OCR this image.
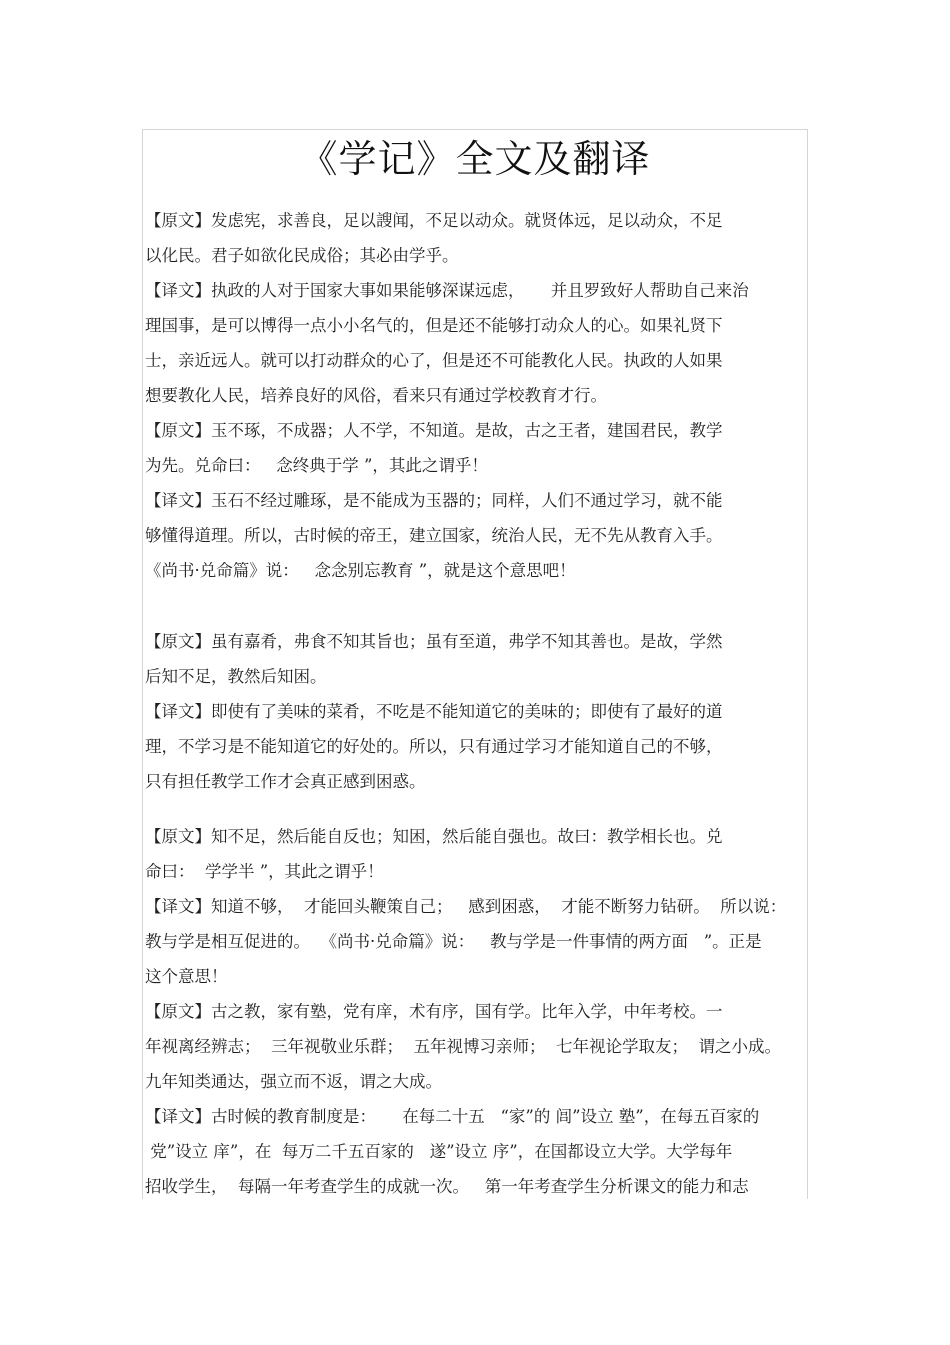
《学记》全文及翻译
【原文】发虑宪，求善良，足以謏闻，不足以动众。就贤体远，足以动众，不足
以化民。君子如欲化民成俗；其必由学乎。
【译文】执政的人对于国家大事如果能够深谋远虑，     并且罗致好人帮助自己来治
理国事，是可以博得一点小小名气的，但是还不能够打动众人的心。如果礼贤下
士，亲近远人。就可以打动群众的心了，但是还不可能教化人民。执政的人如果
想要教化人民，培养良好的风俗，看来只有通过学校教育才行。
【原文】玉不琢，不成器；人不学，不知道。是故，古之王者，建国君民，教学
为先。兑命曰：   念终典于学 ”，其此之谓乎！
【译文】玉石不经过雕琢，是不能成为玉器的；同样，人们不通过学习，就不能
够懂得道理。所以，古时候的帝王，建立国家，统治人民，无不先从教育入手。
《尚书·兑命篇》说：   念念别忘教育 ”，就是这个意思吧！
【原文】虽有嘉肴，弗食不知其旨也；虽有至道，弗学不知其善也。是故，学然
后知不足，教然后知困。
【译文】即使有了美味的菜肴，不吃是不能知道它的美味的；即使有了最好的道
理，不学习是不能知道它的好处的。所以，只有通过学习才能知道自己的不够，
只有担任教学工作才会真正感到困惑。
【原文】知不足，然后能自反也；知困，然后能自强也。故曰：教学相长也。兑
命曰：  学学半 ”，其此之谓乎！
【译文】知道不够，  才能回头鞭策自己；   感到困惑，  才能不断努力钻研。  所以说：
教与学是相互促进的。  《尚书·兑命篇》说：   教与学是一件事情的两方面   ”。正是
这个意思！
【原文】古之教，家有塾，党有庠，术有序，国有学。比年入学，中年考校。一
年视离经辨志；  三年视敬业乐群；  五年视博习亲师；  七年视论学取友；  谓之小成。
九年知类通达，强立而不返，谓之大成。
【译文】古时候的教育制度是：     在每二十五   “家”的 闾”设立 塾”，在每五百家的
党”设立 庠”，在  每万二千五百家的   遂”设立 序”，在国都设立大学。大学每年
招收学生，  每隔一年考查学生的成就一次。   第一年考查学生分析课文的能力和志
